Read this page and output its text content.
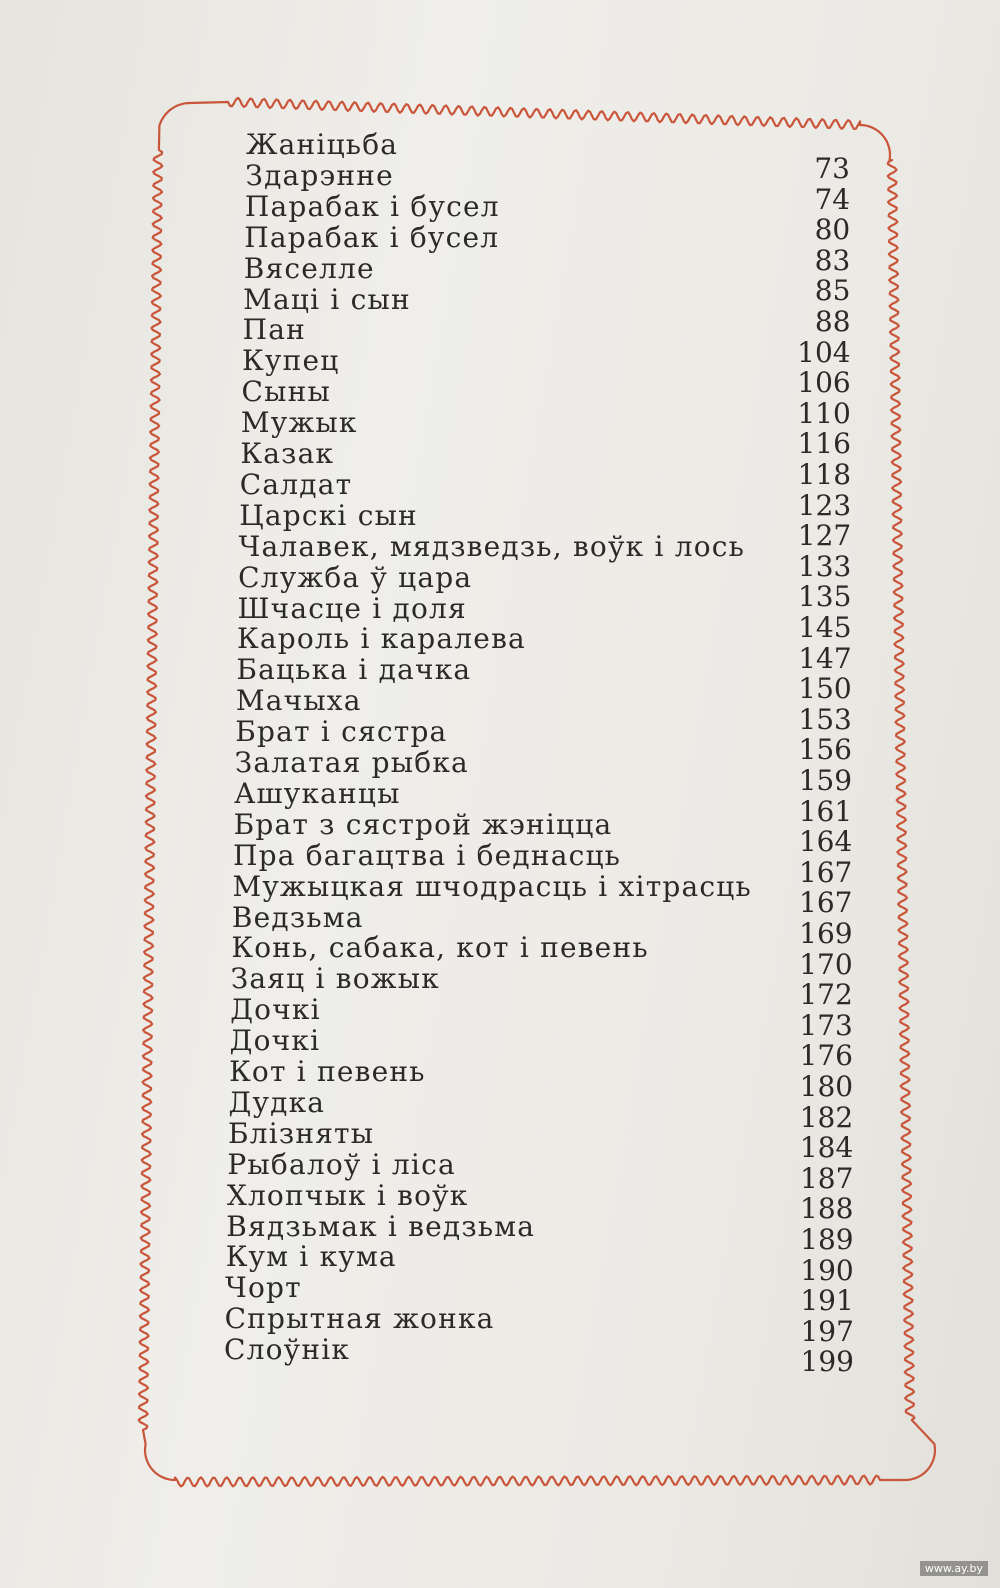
Жаніцьба
Здарэнне
Парабак і бусел
Парабак і бусел
Вяселле
Маці і сын
Пан
Купец
Сыны
Мужык
Казак
Салдат
Царскі сын
Чалавек, мядзведзь, воўк і лось
Служба ў цара
Шчасце і доля
Кароль і каралева
Бацька і дачка
Мачыха
Брат і сястра
Залатая рыбка
Ашуканцы
Брат з сястрой жэніцца
Пра багацтва і беднасць
Мужыцкая шчодрасць і хітрасць
Ведзьма
Конь, сабака, кот і певень
Заяц і вожык
Дочкі
Дочкі
Кот і певень
Дудка
Блізняты
Рыбалоў і ліса
Хлопчык і воўк
Вядзьмак і ведзьма
Кум і кума
Чорт
Спрытная жонка
Слоўнік
73
74
80
83
85
88
104
106
110
116
118
123
127
133
135
145
147
150
153
156
159
161
164
167
167
169
170
172
173
176
180
182
184
187
188
189
190
191
197
199
www.ay.by
